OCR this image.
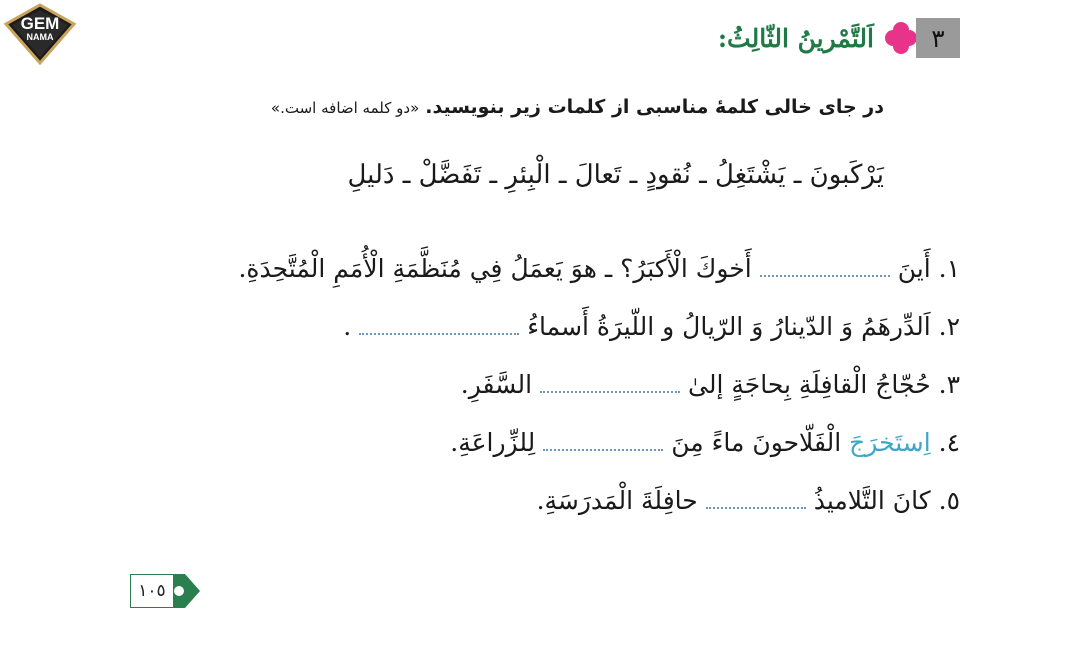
GEM
NAMA	اَلتَّمْرينُ الثّالِثُ:	٣
در جای خالی کلمهٔ مناسبی از کلمات زیر بنویسید.«دو کلمه اضافه است.»
يَرْكَبونَ ـ يَشْتَغِلُ ـ نُقودٍ ـ تَعالَ ـ الْبِئرِ ـ تَفَضَّلْ ـ دَليلِ
١. أَينَأَخوكَ الْأَكبَرُ؟ ـ هوَ يَعمَلُ فِي مُنَظَّمَةِ الْأُمَمِ الْمُتَّحِدَةِ.
٢. اَلدِّرهَمُ وَ الدّينارُ وَ الرّيالُ و اللّيرَةُ أَسماءُ.
٣. حُجّاجُ الْقافِلَةِ بِحاجَةٍ إلىٰالسَّفَرِ.
٤. اِستَخرَجَ الْفَلّاحونَ ماءً مِنَلِلزِّراعَةِ.
٥. كانَ التَّلاميذُحافِلَةَ الْمَدرَسَةِ.
١٠٥
